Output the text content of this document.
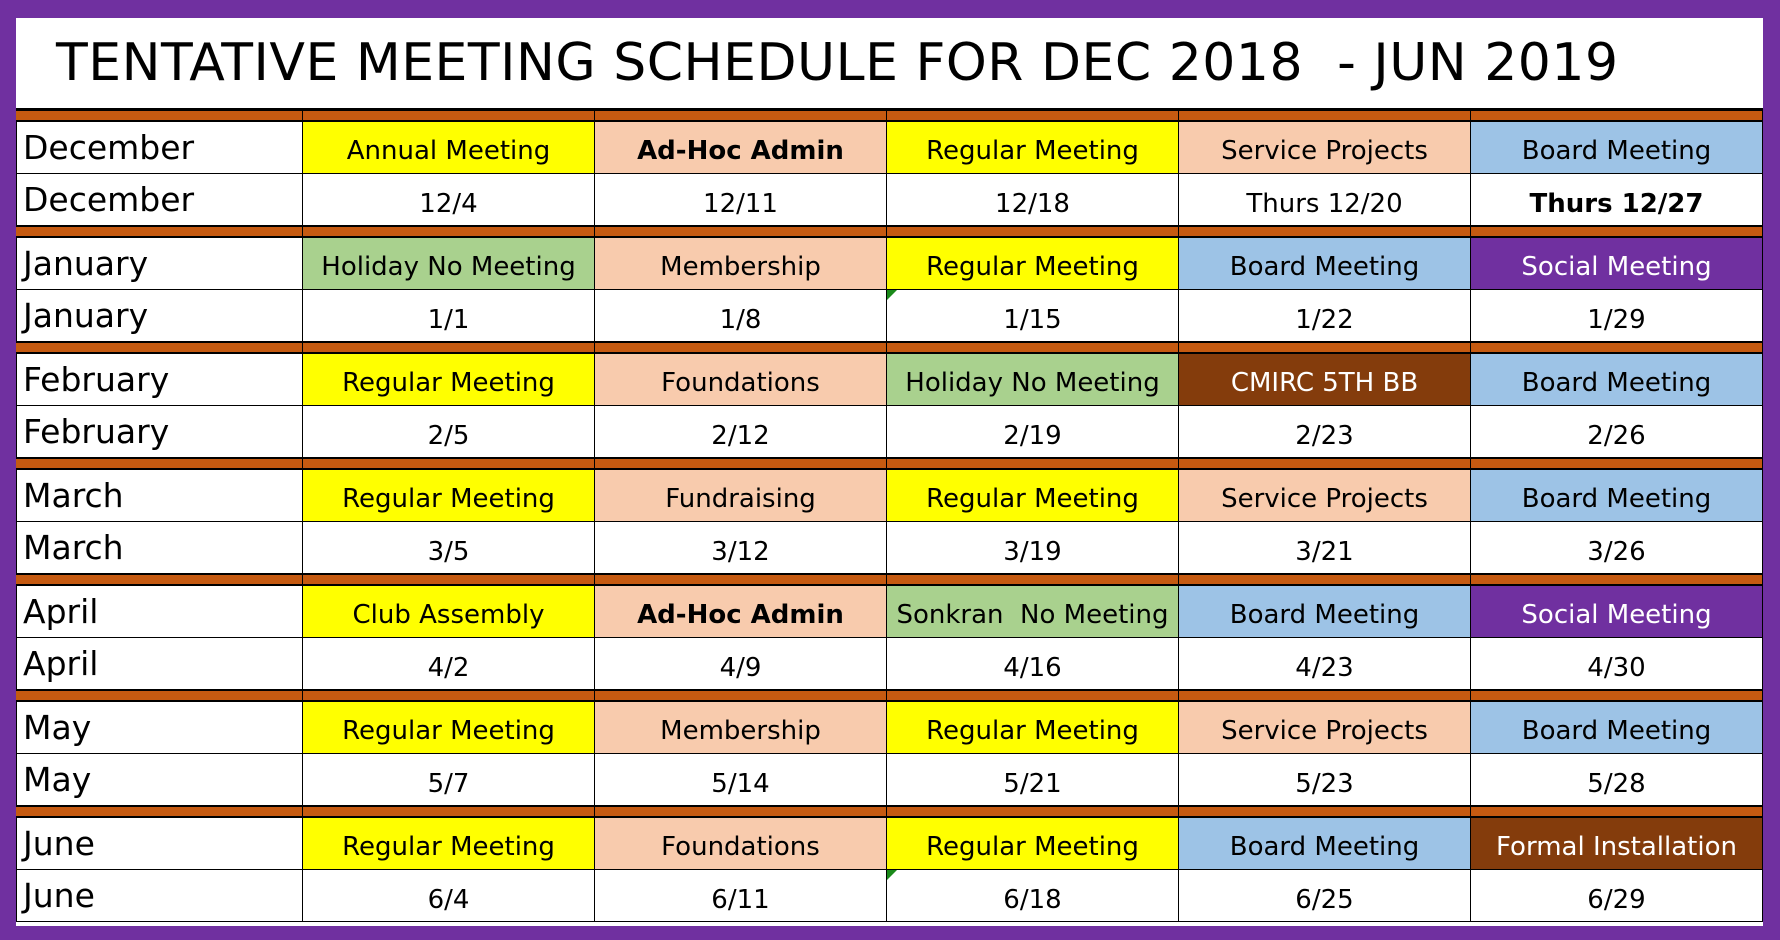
TENTATIVE MEETING SCHEDULE FOR DEC 2018  - JUN 2019
December	Annual Meeting	Ad-Hoc Admin	Regular Meeting	Service Projects	Board Meeting
December	12/4	12/11	12/18	Thurs 12/20	Thurs 12/27
January	Holiday No Meeting	Membership	Regular Meeting	Board Meeting	Social Meeting
January	1/1	1/8	1/15	1/22	1/29
February	Regular Meeting	Foundations	Holiday No Meeting	CMIRC 5TH BB	Board Meeting
February	2/5	2/12	2/19	2/23	2/26
March	Regular Meeting	Fundraising	Regular Meeting	Service Projects	Board Meeting
March	3/5	3/12	3/19	3/21	3/26
April	Club Assembly	Ad-Hoc Admin	Sonkran  No Meeting	Board Meeting	Social Meeting
April	4/2	4/9	4/16	4/23	4/30
May	Regular Meeting	Membership	Regular Meeting	Service Projects	Board Meeting
May	5/7	5/14	5/21	5/23	5/28
June	Regular Meeting	Foundations	Regular Meeting	Board Meeting	Formal Installation
June	6/4	6/11	6/18	6/25	6/29
